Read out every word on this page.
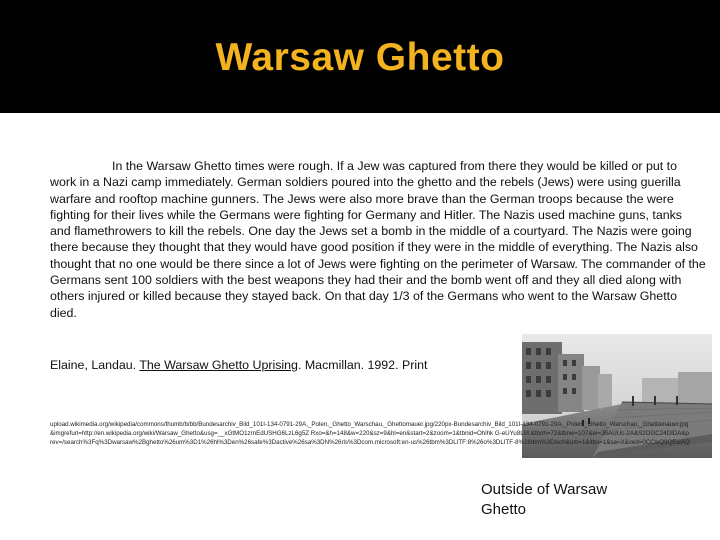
Warsaw Ghetto
In the Warsaw Ghetto times were rough. If a Jew was captured from there they would be killed or put to work in a Nazi camp immediately. German soldiers poured into the ghetto and the rebels (Jews) were using guerilla warfare and rooftop machine gunners. The Jews were also more brave than the German troops because the were fighting for their lives while the Germans were fighting for Germany and Hitler. The Nazis used machine guns, tanks and flamethrowers to kill the rebels. One day the Jews set a bomb in the middle of a courtyard. The Nazis were going there because they thought that they would have good position if they were in the middle of everything. The Nazis also thought that no one would be there since a lot of Jews were fighting on the perimeter of Warsaw. The commander of the Germans sent 100 soldiers with the best weapons they had their and the bomb went off and they all died along with others injured or killed because they stayed back. On that day 1/3 of the Germans who went to the Warsaw Ghetto died.
Elaine, Landau. The Warsaw Ghetto Uprising. Macmillan. 1992. Print
upload.wikimedia.org/wikipedia/commons/thumb/b/bb/Bundesarchiv_Bild_101I-134-0791-29A,_Polen,_Ghetto_Warschau,_Ghettomauer.jpg/220px-Bundesarchiv_Bild_101I-134-0791-29A,_Polen,_Ghetto_Warschau,_Ghettomauer.jpg&imgrefurl=http://en.wikipedia.org/wiki/Warsaw_Ghetto&usg=__xGtMO1zrnEdUSHG6LzL6g5Z Rxo=&h=148&w=220&sz=9&hl=en&start=2&zoom=1&tbnid=Ohlhk G-eUYu8LM:&tbnh=72&tbnw=107&ei=JBAUUc-2A&S2OGC24DIDA&prev=/search%3Fq%3Dwarsaw%2Bghetto%26um%3D1%26hl%3Den%26safe%3Dactive%26sa%3DN%26rls%3Dcom.microsoft:en-us%26tbm%3DLITF:8%26o%3DLITF-8%26tbm%3Disch&um=1&itbs=1&sa=X&ved=0CCwQ9QEwAQ
Outside of Warsaw Ghetto
